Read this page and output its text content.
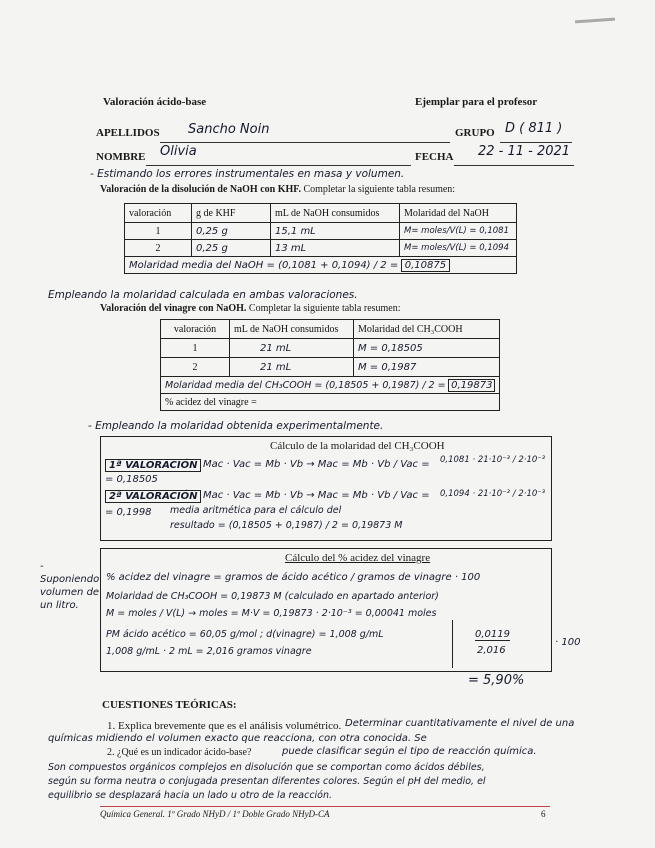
Valoración ácido-base	Ejemplar para el profesor
APELLIDOS Sancho Noin	GRUPO D ( 811 )
NOMBRE Olivia	FECHA 22 - 11 - 2021
- Estimando los errores instrumentales en masa y volumen.
Valoración de la disolución de NaOH con KHF. Completar la siguiente tabla resumen:
valoración	g de KHF	mL de NaOH consumidos	Molaridad del NaOH
1	0,25 g	15,1 mL	M= moles/V(L) = 0,1081
2	0,25 g	13 mL	M= moles/V(L) = 0,1094
Molaridad media del NaOH = (0,1081 + 0,1094) / 2 = 0,10875			
Empleando la molaridad calculada en ambas valoraciones.
Valoración del vinagre con NaOH. Completar la siguiente tabla resumen:
valoración	mL de NaOH consumidos	Molaridad del CH₃COOH
1	21 mL	M = 0,18505
2	21 mL	M = 0,1987
Molaridad media del CH₃COOH = (0,18505 + 0,1987) / 2 = 0,19873		
% acidez del vinagre =		
- Empleando la molaridad obtenida experimentalmente.
Cálculo de la molaridad del CH₃COOH
1ª VALORACIÓN Mac · Vac = Mb · Vb → Mac = Mb · Vb / Vac = 0,1081 · 21·10⁻³ / 2·10⁻³
= 0,18505
2ª VALORACIÓN Mac · Vac = Mb · Vb → Mac = Mb · Vb / Vac = 0,1094 · 21·10⁻³ / 2·10⁻³
= 0,1998 media aritmética para el cálculo del
resultado = (0,18505 + 0,1987) / 2 = 0,19873 M
- Suponiendo volumen de un litro.
Cálculo del % acidez del vinagre
% acidez del vinagre = gramos de ácido acético / gramos de vinagre · 100
Molaridad de CH₃COOH = 0,19873 M (calculado en apartado anterior)
M = moles / V(L) → moles = M·V = 0,19873 · 2·10⁻³ = 0,00041 moles
PM ácido acético = 60,05 g/mol ; d(vinagre) = 1,008 g/mL
1,008 g/mL · 2 mL = 2,016 gramos vinagre
0,0119
2,016
· 100
= 5,90%
CUESTIONES TEÓRICAS:
1. Explica brevemente que es el análisis volumétrico. Determinar cuantitativamente el nivel de una
químicas midiendo el volumen exacto que reacciona, con otra conocida. Se
2. ¿Qué es un indicador ácido-base?	puede clasificar según el tipo de reacción química.
Son compuestos orgánicos complejos en disolución que se comportan como ácidos débiles,
según su forma neutra o conjugada presentan diferentes colores. Según el pH del medio, el
equilibrio se desplazará hacia un lado u otro de la reacción.
Química General. 1º Grado NHyD / 1º Doble Grado NHyD-CA	6
